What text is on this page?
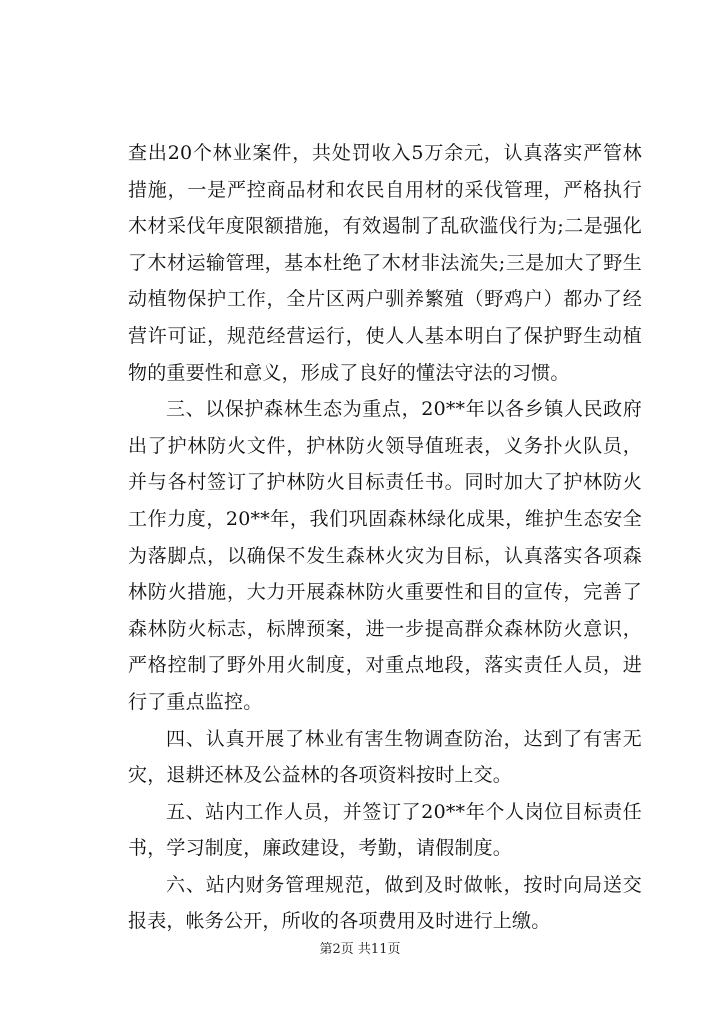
查出20个林业案件，共处罚收入5万余元，认真落实严管林措施，一是严控商品材和农民自用材的采伐管理，严格执行木材采伐年度限额措施，有效遏制了乱砍滥伐行为;二是强化了木材运输管理，基本杜绝了木材非法流失;三是加大了野生动植物保护工作，全片区两户驯养繁殖（野鸡户）都办了经营许可证，规范经营运行，使人人基本明白了保护野生动植物的重要性和意义，形成了良好的懂法守法的习惯。

三、以保护森林生态为重点，20**年以各乡镇人民政府出了护林防火文件，护林防火领导值班表，义务扑火队员，并与各村签订了护林防火目标责任书。同时加大了护林防火工作力度，20**年，我们巩固森林绿化成果，维护生态安全为落脚点，以确保不发生森林火灾为目标，认真落实各项森林防火措施，大力开展森林防火重要性和目的宣传，完善了森林防火标志，标牌预案，进一步提高群众森林防火意识，严格控制了野外用火制度，对重点地段，落实责任人员，进行了重点监控。

四、认真开展了林业有害生物调查防治，达到了有害无灾，退耕还林及公益林的各项资料按时上交。

五、站内工作人员，并签订了20**年个人岗位目标责任书，学习制度，廉政建设，考勤，请假制度。

六、站内财务管理规范，做到及时做帐，按时向局送交报表，帐务公开，所收的各项费用及时进行上缴。

第2页 共11页
